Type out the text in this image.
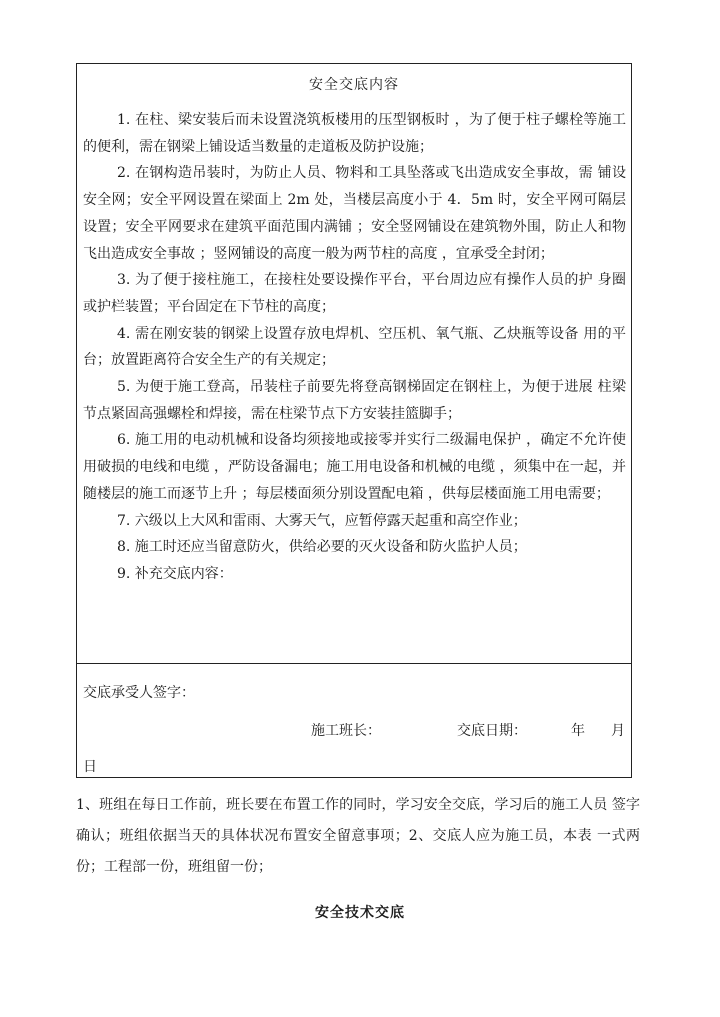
安全交底内容

1. 在柱、梁安装后而未设置浇筑板楼用的压型钢板时 ，为了便于柱子螺栓等施工的便利，需在钢梁上铺设适当数量的走道板及防护设施；

2. 在钢构造吊装时，为防止人员、物料和工具坠落或飞出造成安全事故，需 铺设安全网；安全平网设置在梁面上 2m 处，当楼层高度小于 4．5m 时，安全平网可隔层设置；安全平网要求在建筑平面范围内满铺 ；安全竖网铺设在建筑物外围，防止人和物飞出造成安全事故 ；竖网铺设的高度一般为两节柱的高度 ，宜承受全封闭；

3. 为了便于接柱施工，在接柱处要设操作平台，平台周边应有操作人员的护 身圈或护栏装置；平台固定在下节柱的高度；

4. 需在刚安装的钢梁上设置存放电焊机、空压机、氧气瓶、乙炔瓶等设备 用的平台；放置距离符合安全生产的有关规定；

5. 为便于施工登高，吊装柱子前要先将登高钢梯固定在钢柱上，为便于进展 柱梁节点紧固高强螺栓和焊接，需在柱梁节点下方安装挂篮脚手；

6. 施工用的电动机械和设备均须接地或接零并实行二级漏电保护 ，确定不允许使用破损的电线和电缆 ，严防设备漏电；施工用电设备和机械的电缆 ，须集中在一起，并随楼层的施工而逐节上升 ；每层楼面须分别设置配电箱 ，供每层楼面施工用电需要；

7. 六级以上大风和雷雨、大雾天气，应暂停露天起重和高空作业；

8. 施工时还应当留意防火，供给必要的灭火设备和防火监护人员；

9. 补充交底内容：

交底承受人签字：
施工班长：	交底日期：	年 月
日

1、班组在每日工作前，班长要在布置工作的同时，学习安全交底，学习后的施工人员 签字确认；班组依据当天的具体状况布置安全留意事项；2、交底人应为施工员，本表 一式两份；工程部一份，班组留一份；

安全技术交底
